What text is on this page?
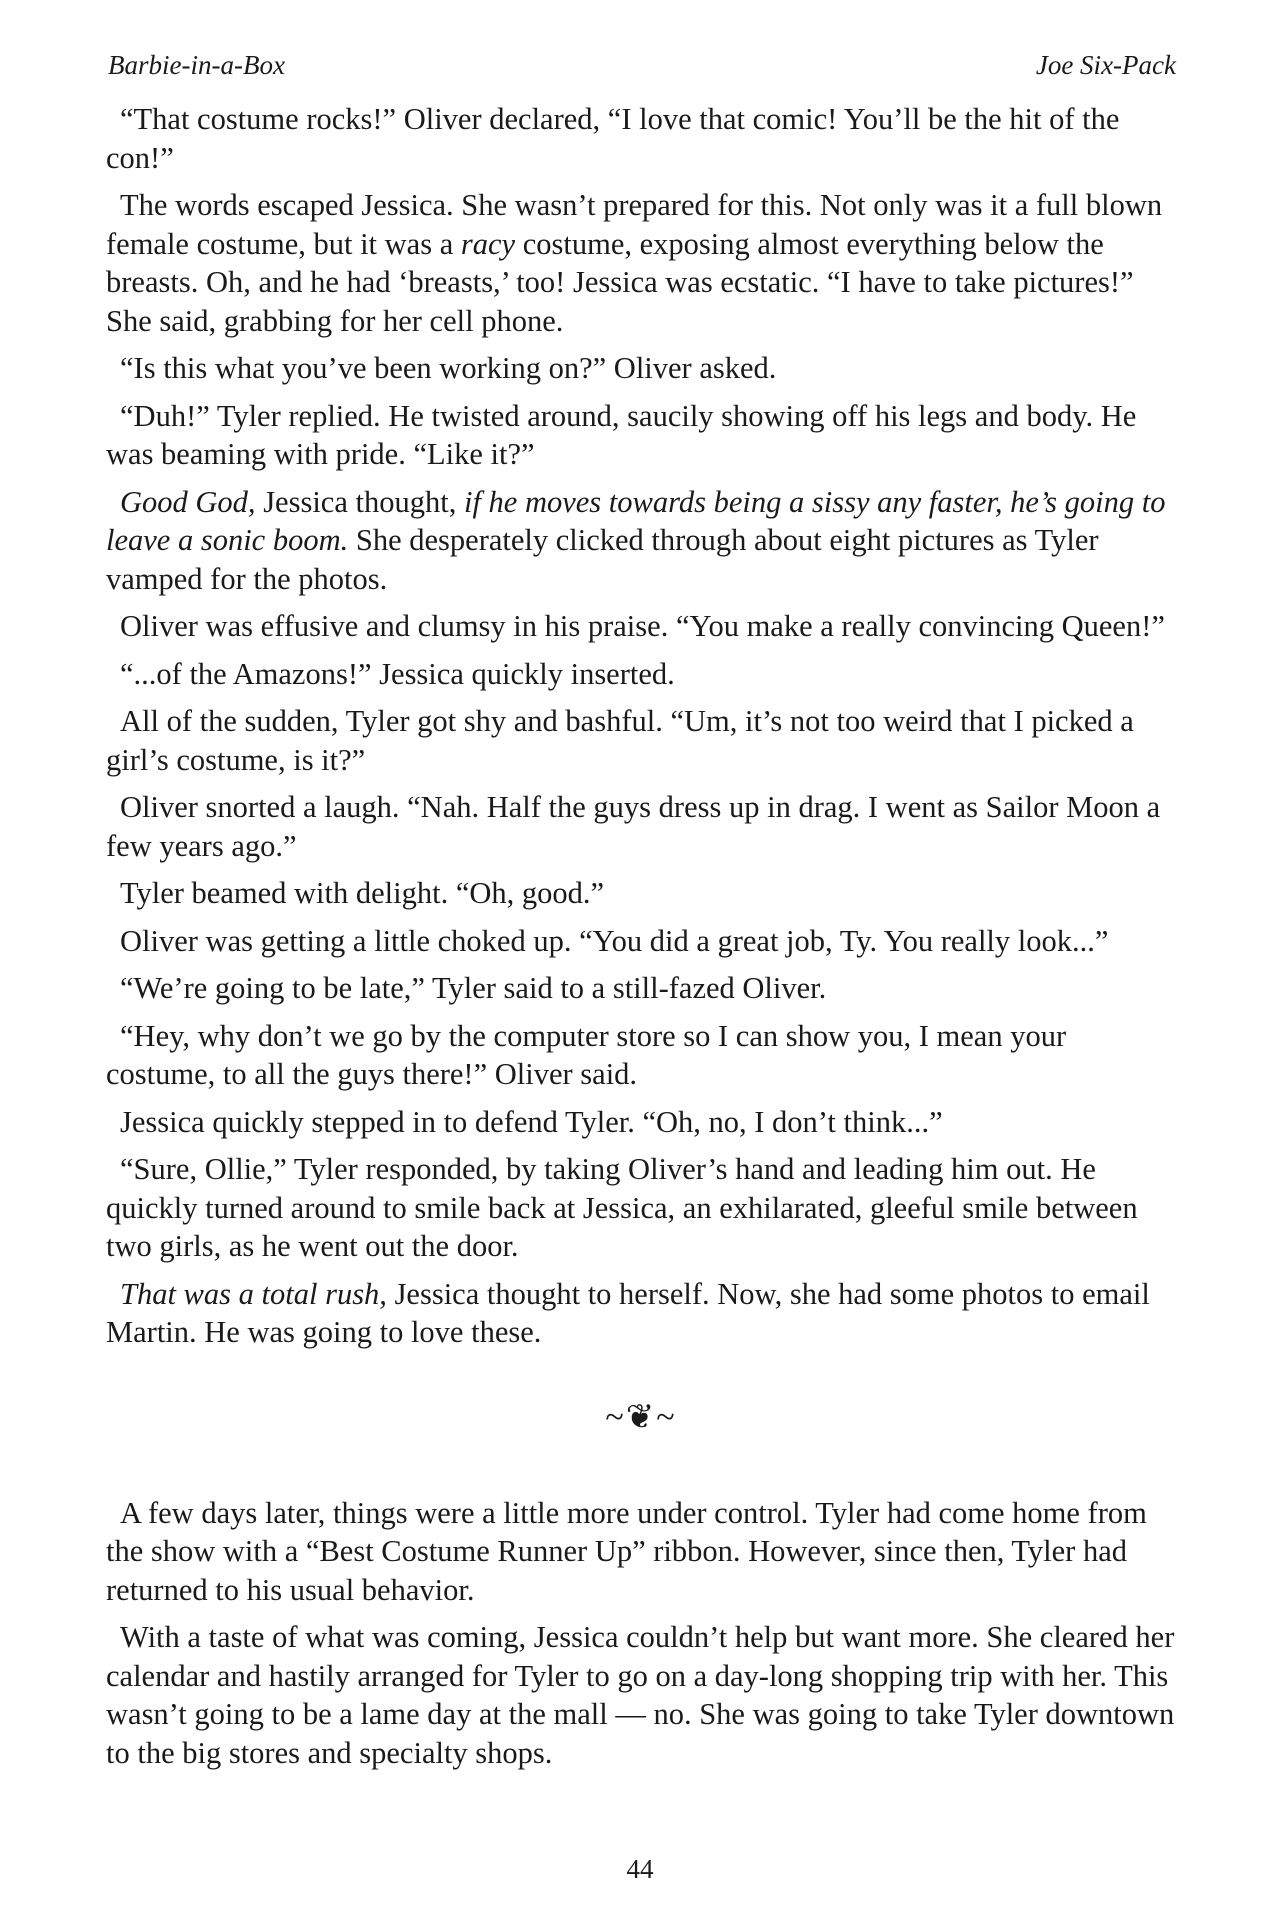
Barbie-in-a-Box	Joe Six-Pack

“That costume rocks!” Oliver declared, “I love that comic! You’ll be the hit of the con!”

The words escaped Jessica. She wasn’t prepared for this. Not only was it a full blown female costume, but it was a racy costume, exposing almost everything below the breasts. Oh, and he had ‘breasts,’ too! Jessica was ecstatic. “I have to take pictures!” She said, grabbing for her cell phone.

“Is this what you’ve been working on?” Oliver asked.

“Duh!” Tyler replied. He twisted around, saucily showing off his legs and body. He was beaming with pride. “Like it?”

Good God, Jessica thought, if he moves towards being a sissy any faster, he’s going to leave a sonic boom. She desperately clicked through about eight pictures as Tyler vamped for the photos.

Oliver was effusive and clumsy in his praise. “You make a really convincing Queen!”

“...of the Amazons!” Jessica quickly inserted.

All of the sudden, Tyler got shy and bashful. “Um, it’s not too weird that I picked a girl’s costume, is it?”

Oliver snorted a laugh. “Nah. Half the guys dress up in drag. I went as Sailor Moon a few years ago.”

Tyler beamed with delight. “Oh, good.”

Oliver was getting a little choked up. “You did a great job, Ty. You really look...”

“We’re going to be late,” Tyler said to a still-fazed Oliver.

“Hey, why don’t we go by the computer store so I can show you, I mean your costume, to all the guys there!” Oliver said.

Jessica quickly stepped in to defend Tyler. “Oh, no, I don’t think...”

“Sure, Ollie,” Tyler responded, by taking Oliver’s hand and leading him out. He quickly turned around to smile back at Jessica, an exhilarated, gleeful smile between two girls, as he went out the door.

That was a total rush, Jessica thought to herself. Now, she had some photos to email Martin. He was going to love these.

~❦~

A few days later, things were a little more under control. Tyler had come home from the show with a “Best Costume Runner Up” ribbon. However, since then, Tyler had returned to his usual behavior.

With a taste of what was coming, Jessica couldn’t help but want more. She cleared her calendar and hastily arranged for Tyler to go on a day-long shopping trip with her. This wasn’t going to be a lame day at the mall — no. She was going to take Tyler downtown to the big stores and specialty shops.

44
